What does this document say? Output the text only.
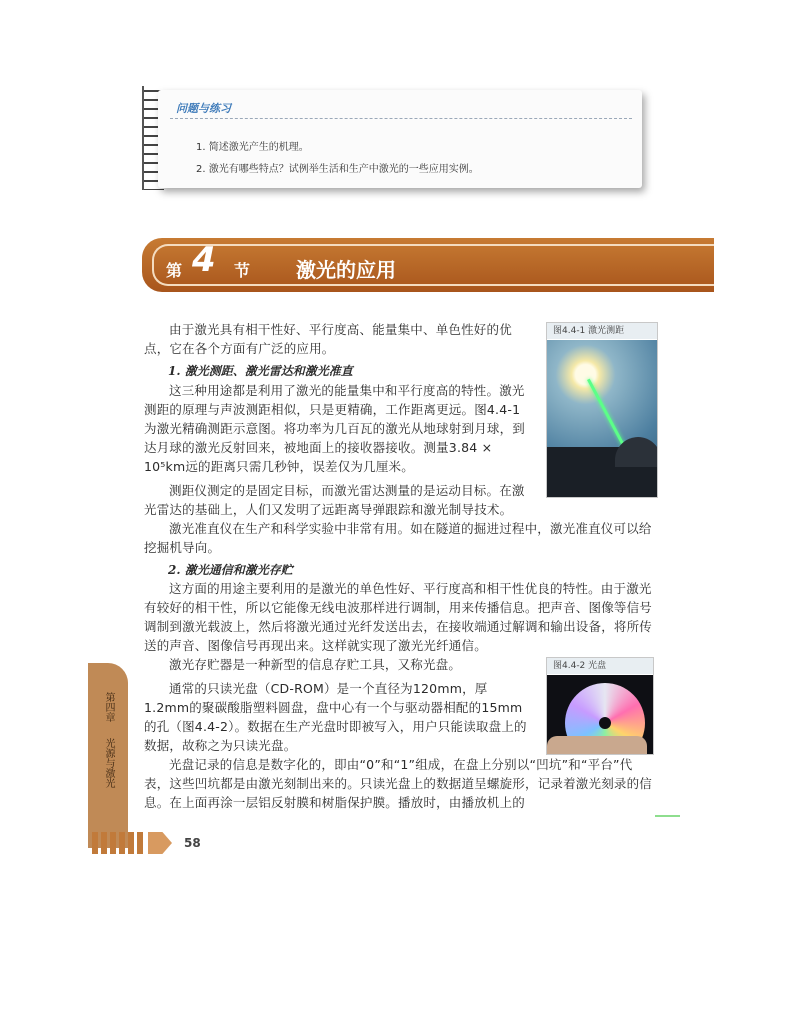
问题与练习
1. 简述激光产生的机理。
2. 激光有哪些特点？试例举生活和生产中激光的一些应用实例。
第 4 节 激光的应用
由于激光具有相干性好、平行度高、能量集中、单色性好的优点，它在各个方面有广泛的应用。
1. 激光测距、激光雷达和激光准直
这三种用途都是利用了激光的能量集中和平行度高的特性。激光测距的原理与声波测距相似，只是更精确，工作距离更远。图4.4-1为激光精确测距示意图。将功率为几百瓦的激光从地球射到月球，到达月球的激光反射回来，被地面上的接收器接收。测量3.84 × 10⁵km远的距离只需几秒钟，误差仅为几厘米。
测距仪测定的是固定目标，而激光雷达测量的是运动目标。在激光雷达的基础上，人们又发明了远距离导弹跟踪和激光制导技术。
激光准直仪在生产和科学实验中非常有用。如在隧道的掘进过程中，激光准直仪可以给挖掘机导向。
2. 激光通信和激光存贮
这方面的用途主要利用的是激光的单色性好、平行度高和相干性优良的特性。由于激光有较好的相干性，所以它能像无线电波那样进行调制，用来传播信息。把声音、图像等信号调制到激光载波上，然后将激光通过光纤发送出去，在接收端通过解调和输出设备，将所传送的声音、图像信号再现出来。这样就实现了激光光纤通信。
激光存贮器是一种新型的信息存贮工具，又称光盘。
通常的只读光盘（CD-ROM）是一个直径为120mm，厚1.2mm的聚碳酸脂塑料圆盘，盘中心有一个与驱动器相配的15mm的孔（图4.4-2）。数据在生产光盘时即被写入，用户只能读取盘上的数据，故称之为只读光盘。
光盘记录的信息是数字化的，即由“0”和“1”组成，在盘上分别以“凹坑”和“平台”代表，这些凹坑都是由激光刻制出来的。只读光盘上的数据道呈螺旋形，记录着激光刻录的信息。在上面再涂一层铝反射膜和树脂保护膜。播放时，由播放机上的
图4.4-1 激光测距
图4.4-2 光盘
第四章  光源与激光
58
